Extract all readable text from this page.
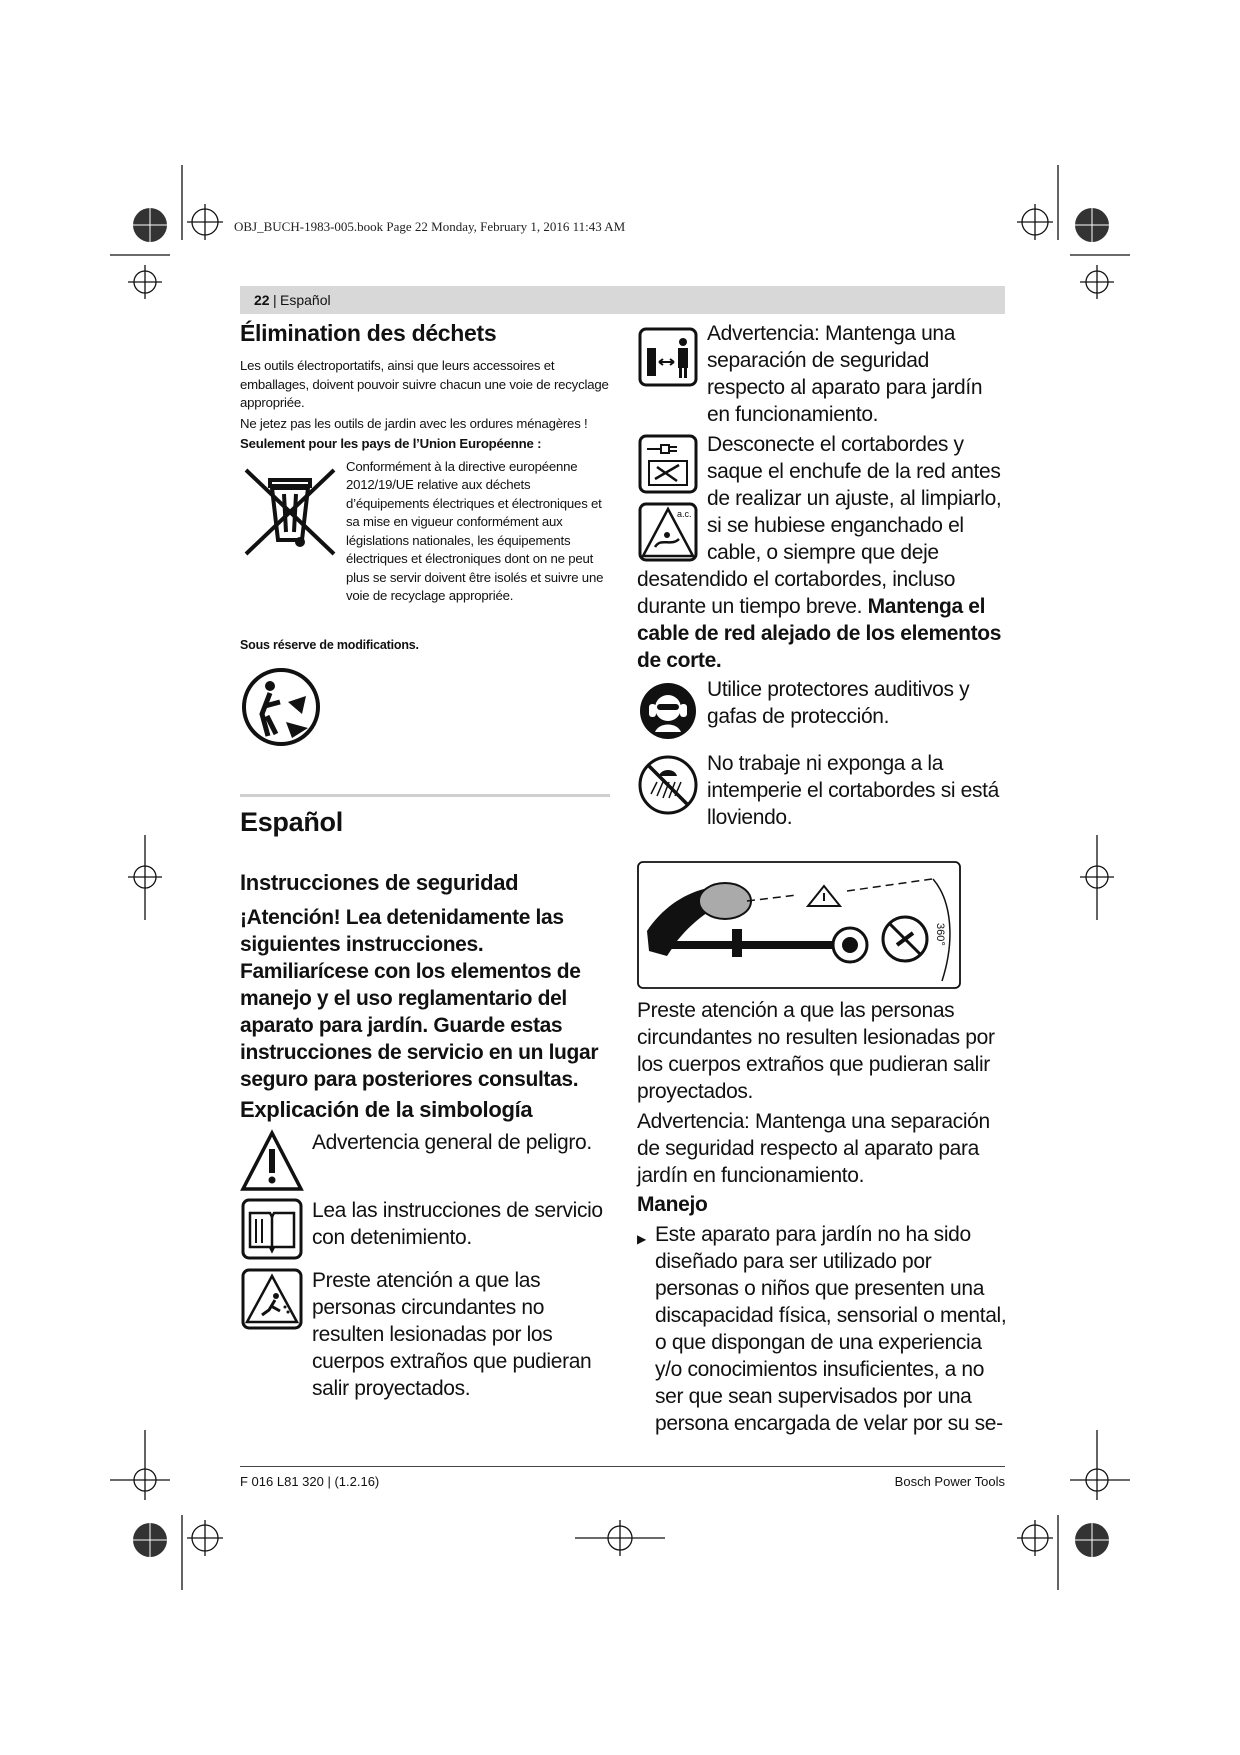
OBJ_BUCH-1983-005.book Page 22 Monday, February 1, 2016 11:43 AM
22 | Español
Élimination des déchets
Les outils électroportatifs, ainsi que leurs accessoires et emballages, doivent pouvoir suivre chacun une voie de recyclage appropriée.
Ne jetez pas les outils de jardin avec les ordures ménagères !
Seulement pour les pays de l’Union Européenne :
Conformément à la directive européenne 2012/19/UE relative aux déchets d’équipements électriques et électroniques et sa mise en vigueur conformément aux législations nationales, les équipements électriques et électroniques dont on ne peut plus se servir doivent être isolés et suivre une voie de recyclage appropriée.
Sous réserve de modifications.
Español
Instrucciones de seguridad
¡Atención! Lea detenidamente las siguientes instrucciones. Familiarícese con los elementos de manejo y el uso reglamentario del aparato para jardín. Guarde estas instrucciones de servicio en un lugar seguro para posteriores consultas.
Explicación de la simbología
Advertencia general de peligro.
Lea las instrucciones de servicio con detenimiento.
Preste atención a que las personas circundantes no resulten lesionadas por los cuerpos extraños que pudieran salir proyectados.
Advertencia: Mantenga una separación de seguridad respecto al aparato para jardín en funcionamiento.
a.c.
Desconecte el cortabordes y saque el enchufe de la red antes de realizar un ajuste, al limpiarlo, si se hubiese enganchado el cable, o siempre que deje desatendido el cortabordes, incluso durante un tiempo breve. Mantenga el cable de red alejado de los elementos de corte.
Utilice protectores auditivos y gafas de protección.
No trabaje ni exponga a la intemperie el cortabordes si está lloviendo.
360°
Preste atención a que las personas circundantes no resulten lesionadas por los cuerpos extraños que pudieran salir proyectados.
Advertencia: Mantenga una separación de seguridad respecto al aparato para jardín en funcionamiento.
Manejo
▶ Este aparato para jardín no ha sido diseñado para ser utilizado por personas o niños que presenten una discapacidad física, sensorial o mental, o que dispongan de una experiencia y/o conocimientos insuficientes, a no ser que sean supervisados por una persona encargada de velar por su se-
F 016 L81 320 | (1.2.16)	Bosch Power Tools
